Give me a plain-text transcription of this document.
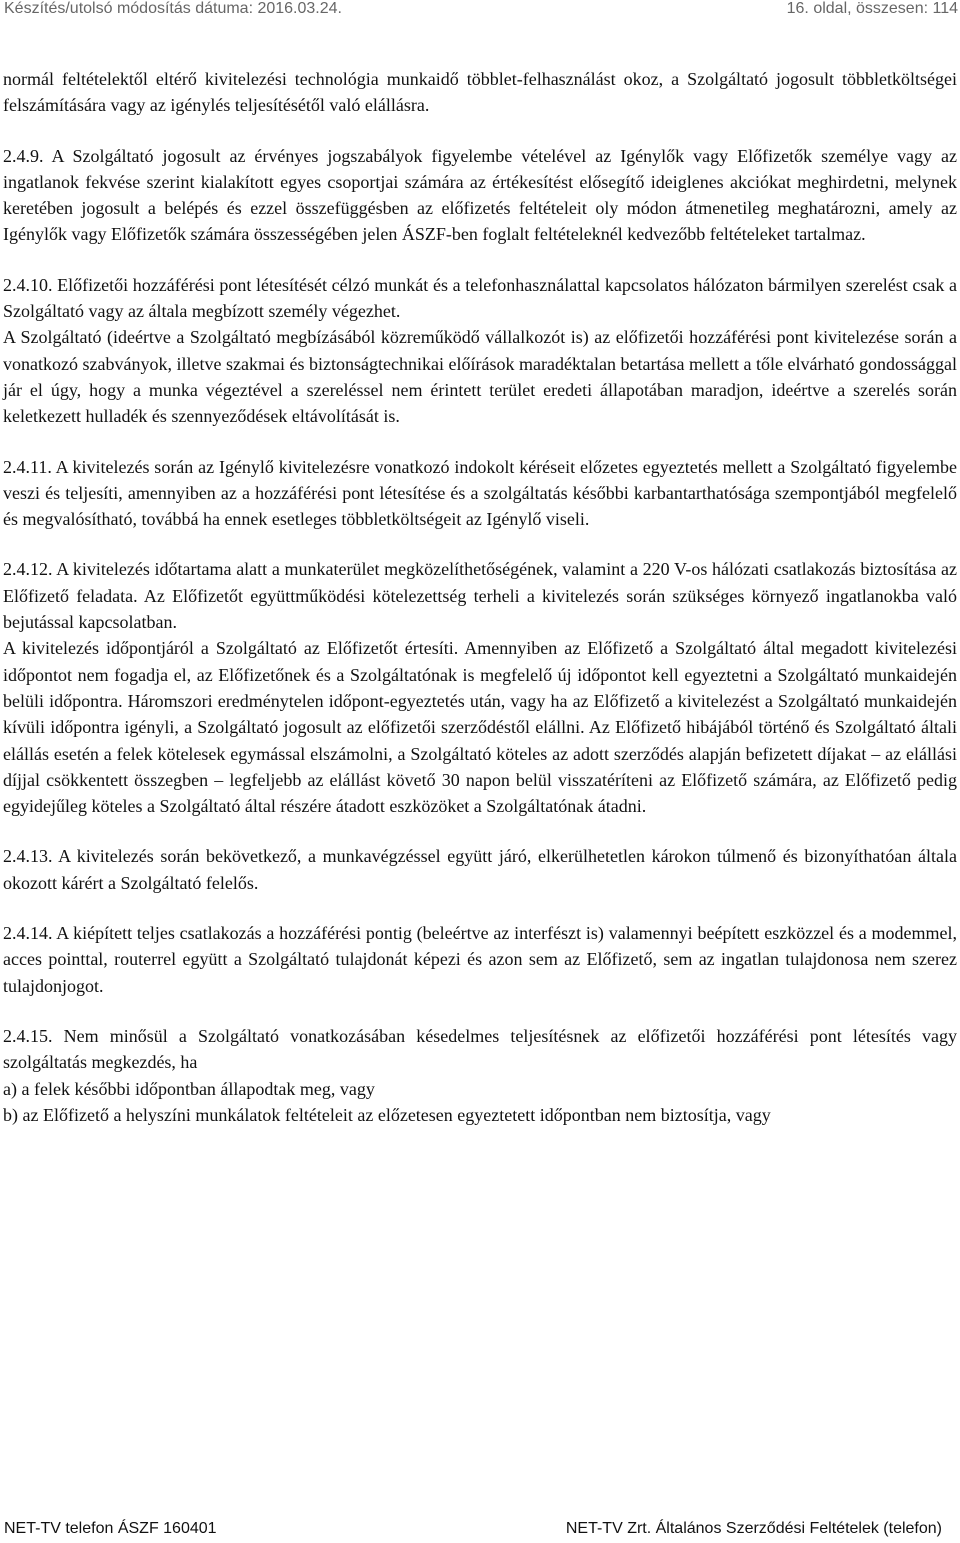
Készítés/utolsó módosítás dátuma: 2016.03.24.	16. oldal, összesen: 114

normál feltételektől eltérő kivitelezési technológia munkaidő többlet-felhasználást okoz, a Szolgáltató jogosult többletköltségei felszámítására vagy az igénylés teljesítésétől való elállásra.

2.4.9. A Szolgáltató jogosult az érvényes jogszabályok figyelembe vételével az Igénylők vagy Előfizetők személye vagy az ingatlanok fekvése szerint kialakított egyes csoportjai számára az értékesítést elősegítő ideiglenes akciókat meghirdetni, melynek keretében jogosult a belépés és ezzel összefüggésben az előfizetés feltételeit oly módon átmenetileg meghatározni, amely az Igénylők vagy Előfizetők számára összességében jelen ÁSZF-ben foglalt feltételeknél kedvezőbb feltételeket tartalmaz.

2.4.10. Előfizetői hozzáférési pont létesítését célzó munkát és a telefonhasználattal kapcsolatos hálózaton bármilyen szerelést csak a Szolgáltató vagy az általa megbízott személy végezhet.

A Szolgáltató (ideértve a Szolgáltató megbízásából közreműködő vállalkozót is) az előfizetői hozzáférési pont kivitelezése során a vonatkozó szabványok, illetve szakmai és biztonságtechnikai előírások maradéktalan betartása mellett a tőle elvárható gondossággal jár el úgy, hogy a munka végeztével a szereléssel nem érintett terület eredeti állapotában maradjon, ideértve a szerelés során keletkezett hulladék és szennyeződések eltávolítását is.

2.4.11. A kivitelezés során az Igénylő kivitelezésre vonatkozó indokolt kéréseit előzetes egyeztetés mellett a Szolgáltató figyelembe veszi és teljesíti, amennyiben az a hozzáférési pont létesítése és a szolgáltatás későbbi karbantarthatósága szempontjából megfelelő és megvalósítható, továbbá ha ennek esetleges többletköltségeit az Igénylő viseli.

2.4.12. A kivitelezés időtartama alatt a munkaterület megközelíthetőségének, valamint a 220 V-os hálózati csatlakozás biztosítása az Előfizető feladata. Az Előfizetőt együttműködési kötelezettség terheli a kivitelezés során szükséges környező ingatlanokba való bejutással kapcsolatban.

A kivitelezés időpontjáról a Szolgáltató az Előfizetőt értesíti. Amennyiben az Előfizető a Szolgáltató által megadott kivitelezési időpontot nem fogadja el, az Előfizetőnek és a Szolgáltatónak is megfelelő új időpontot kell egyeztetni a Szolgáltató munkaidején belüli időpontra. Háromszori eredménytelen időpont-egyeztetés után, vagy ha az Előfizető a kivitelezést a Szolgáltató munkaidején kívüli időpontra igényli, a Szolgáltató jogosult az előfizetői szerződéstől elállni. Az Előfizető hibájából történő és Szolgáltató általi elállás esetén a felek kötelesek egymással elszámolni, a Szolgáltató köteles az adott szerződés alapján befizetett díjakat – az elállási díjjal csökkentett összegben – legfeljebb az elállást követő 30 napon belül visszatéríteni az Előfizető számára, az Előfizető pedig egyidejűleg köteles a Szolgáltató által részére átadott eszközöket a Szolgáltatónak átadni.

2.4.13. A kivitelezés során bekövetkező, a munkavégzéssel együtt járó, elkerülhetetlen károkon túlmenő és bizonyíthatóan általa okozott kárért a Szolgáltató felelős.

2.4.14. A kiépített teljes csatlakozás a hozzáférési pontig (beleértve az interfészt is) valamennyi beépített eszközzel és a modemmel, acces pointtal, routerrel együtt a Szolgáltató tulajdonát képezi és azon sem az Előfizető, sem az ingatlan tulajdonosa nem szerez tulajdonjogot.

2.4.15. Nem minősül a Szolgáltató vonatkozásában késedelmes teljesítésnek az előfizetői hozzáférési pont létesítés vagy szolgáltatás megkezdés, ha

a) a felek későbbi időpontban állapodtak meg, vagy

b) az Előfizető a helyszíni munkálatok feltételeit az előzetesen egyeztetett időpontban nem biztosítja, vagy

NET-TV telefon ÁSZF 160401	NET-TV Zrt. Általános Szerződési Feltételek (telefon)
